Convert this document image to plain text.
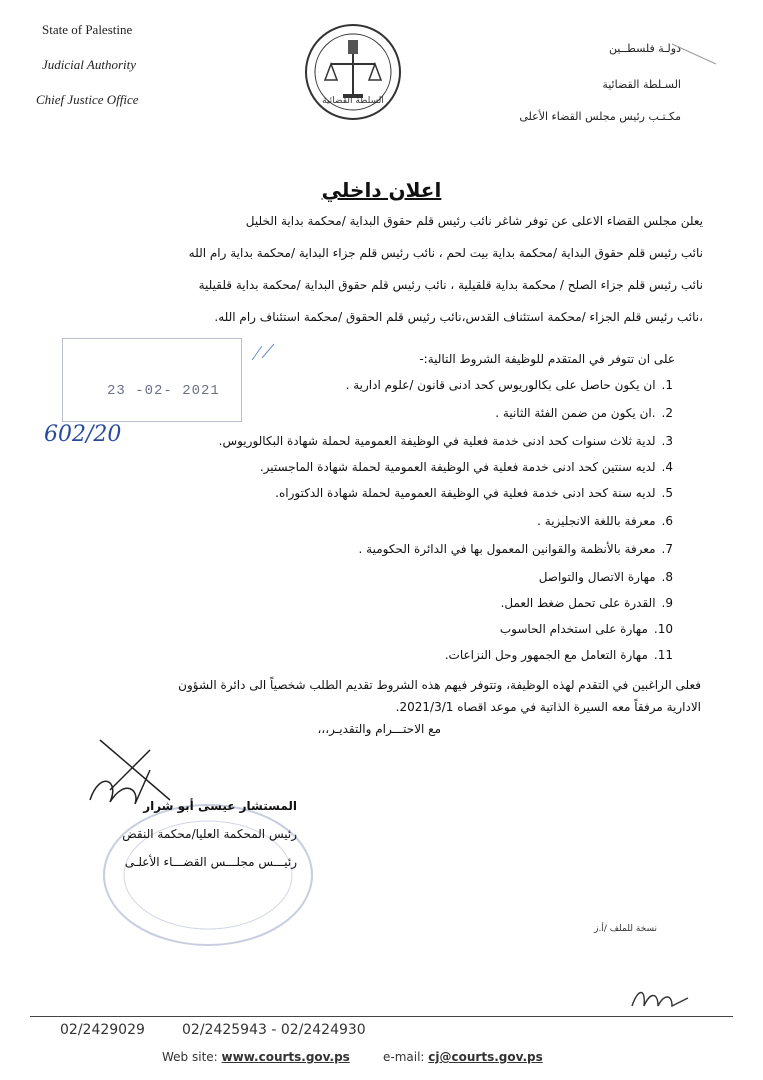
State of Palestine
Judicial Authority
Chief Justice Office
دولـة فلسطــين
السـلطة القضائية
مكـتـب رئيس مجلس القضاء الأعلى
السلطة القضائية
اعلان داخلي

يعلن مجلس القضاء الاعلى عن توفر شاغر نائب رئيس قلم حقوق البداية /محكمة بداية الخليل

نائب رئيس قلم حقوق البداية /محكمة بداية بيت لحم ، نائب رئيس قلم جزاء البداية /محكمة بداية رام الله

نائب رئيس قلم جزاء الصلح / محكمة بداية قلقيلية ، نائب رئيس قلم حقوق البداية /محكمة بداية قلقيلية

،نائب رئيس قلم الجزاء /محكمة استئناف القدس،نائب رئيس قلم الحقوق /محكمة استئناف رام الله.

23 -02- 2021
على ان تتوفر في المتقدم للوظيفة الشروط التالية:-
1.ان يكون حاصل على بكالوريوس كحد ادنى قانون /علوم ادارية .
2..ان يكون من ضمن الفئة الثانية .
3.لدية ثلاث سنوات كحد ادنى خدمة فعلية في الوظيفة العمومية لحملة شهادة البكالوريوس.
4.لديه سنتين كحد ادنى خدمة فعلية في الوظيفة العمومية لحملة شهادة الماجستير.
5.لديه سنة كحد ادنى خدمة فعلية في الوظيفة العمومية لحملة شهادة الدكتوراه.
6.معرفة باللغة الانجليزية .
7.معرفة بالأنظمة والقوانين المعمول بها في الدائرة الحكومية .
8.مهارة الاتصال والتواصل
9.القدرة على تحمل ضغط العمل.
10.مهارة على استخدام الحاسوب
11.مهارة التعامل مع الجمهور وحل النزاعات.
602/20
فعلى الراغبين في التقدم لهذه الوظيفة، وتتوفر فيهم هذه الشروط تقديم الطلب شخصياً الى دائرة الشؤون
الادارية مرفقاً معه السيرة الذاتية في موعد اقصاه 2021/3/1.
مع الاحتـــرام والتقديـر،،،

المستشار عيسى أبو شرار

رئيس المحكمة العليا/محكمة النقض

رئيـــس مجلـــس القضـــاء الأعلـى

نسخة للملف /أ.ز
02/2429029	02/2425943 - 02/2424930
Web site: www.courts.gov.ps	e-mail: cj@courts.gov.ps
